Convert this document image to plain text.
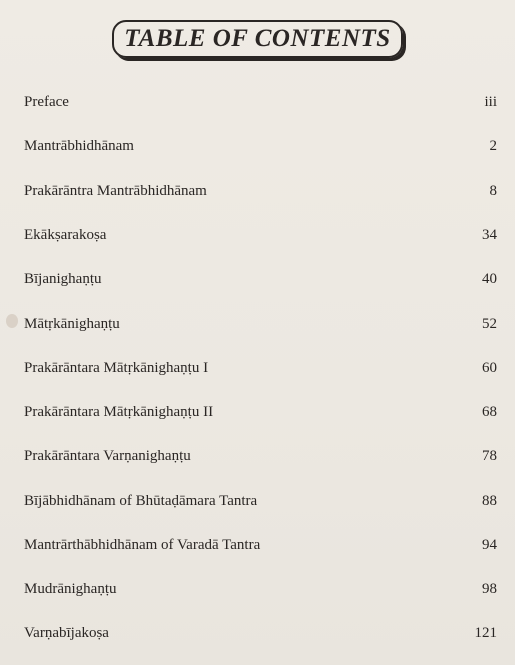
TABLE OF CONTENTS
Preface	iii
Mantrābhidhānam	2
Prakārāntra Mantrābhidhānam	8
Ekākṣarakoṣa	34
Bījanighaṇṭu	40
Mātṛkānighaṇṭu	52
Prakārāntara Mātṛkānighaṇṭu I	60
Prakārāntara Mātṛkānighaṇṭu II	68
Prakārāntara Varṇanighaṇṭu	78
Bījābhidhānam of Bhūtaḍāmara Tantra	88
Mantrārthābhidhānam of Varadā Tantra	94
Mudrānighaṇṭu	98
Varṇabījakoṣa	121
